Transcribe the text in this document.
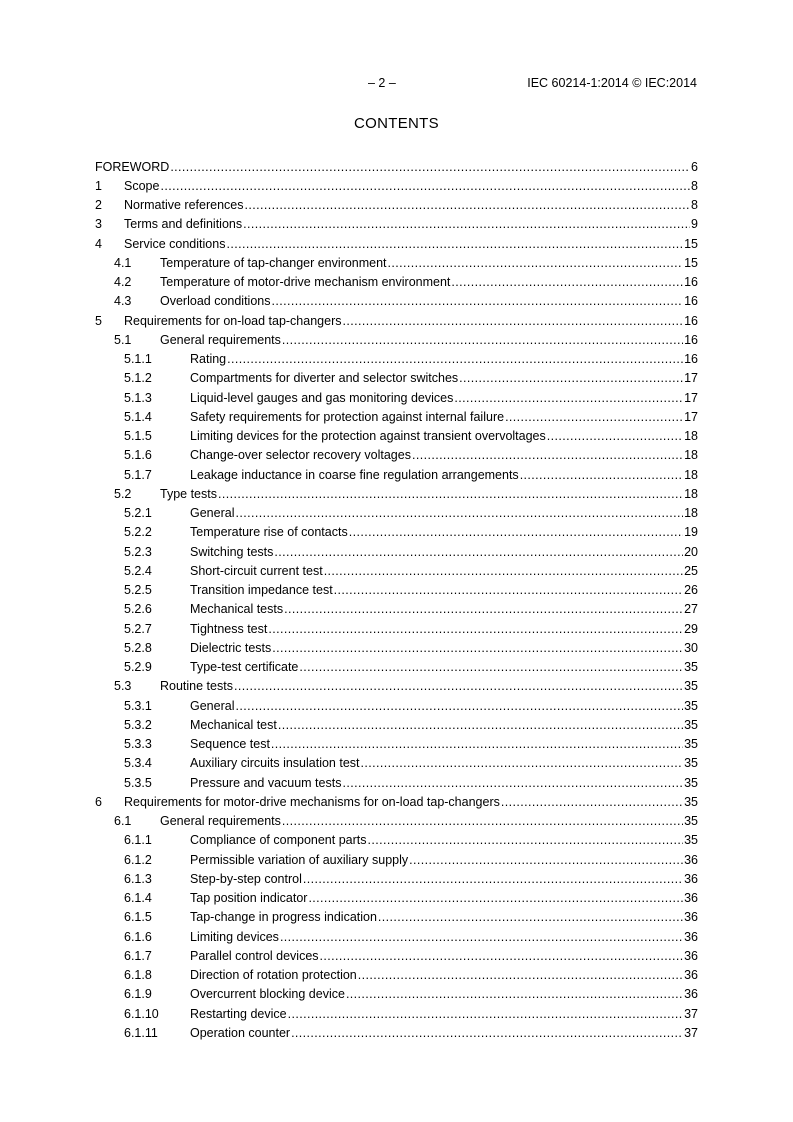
– 2 –	IEC 60214-1:2014 © IEC:2014
CONTENTS
FOREWORD .....	6
1	Scope .....	8
2	Normative references .....	8
3	Terms and definitions .....	9
4	Service conditions .....	15
4.1	Temperature of tap-changer environment .....	15
4.2	Temperature of motor-drive mechanism environment .....	16
4.3	Overload conditions .....	16
5	Requirements for on-load tap-changers .....	16
5.1	General requirements .....	16
5.1.1	Rating .....	16
5.1.2	Compartments for diverter and selector switches .....	17
5.1.3	Liquid-level gauges and gas monitoring devices .....	17
5.1.4	Safety requirements for protection against internal failure .....	17
5.1.5	Limiting devices for the protection against transient overvoltages .....	18
5.1.6	Change-over selector recovery voltages .....	18
5.1.7	Leakage inductance in coarse fine regulation arrangements .....	18
5.2	Type tests .....	18
5.2.1	General .....	18
5.2.2	Temperature rise of contacts .....	19
5.2.3	Switching tests .....	20
5.2.4	Short-circuit current test .....	25
5.2.5	Transition impedance test .....	26
5.2.6	Mechanical tests .....	27
5.2.7	Tightness test .....	29
5.2.8	Dielectric tests .....	30
5.2.9	Type-test certificate .....	35
5.3	Routine tests .....	35
5.3.1	General .....	35
5.3.2	Mechanical test .....	35
5.3.3	Sequence test .....	35
5.3.4	Auxiliary circuits insulation test .....	35
5.3.5	Pressure and vacuum tests .....	35
6	Requirements for motor-drive mechanisms for on-load tap-changers .....	35
6.1	General requirements .....	35
6.1.1	Compliance of component parts .....	35
6.1.2	Permissible variation of auxiliary supply .....	36
6.1.3	Step-by-step control .....	36
6.1.4	Tap position indicator .....	36
6.1.5	Tap-change in progress indication .....	36
6.1.6	Limiting devices .....	36
6.1.7	Parallel control devices .....	36
6.1.8	Direction of rotation protection .....	36
6.1.9	Overcurrent blocking device .....	36
6.1.10	Restarting device .....	37
6.1.11	Operation counter .....	37
